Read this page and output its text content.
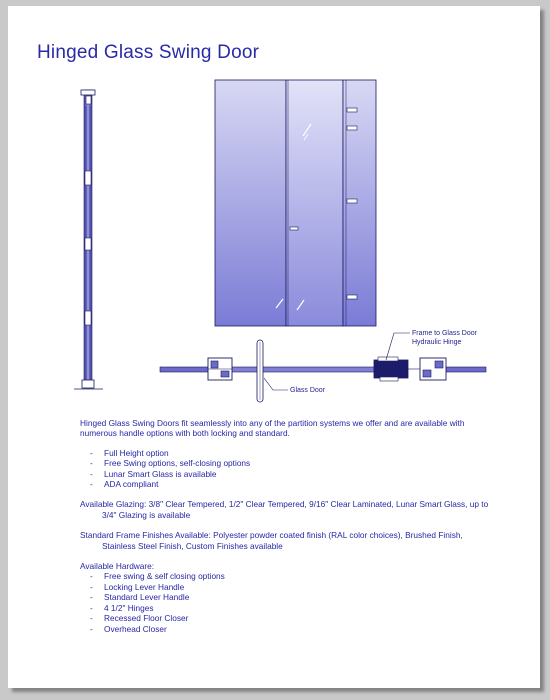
Hinged Glass Swing Door
Frame to Glass Door
Hydraulic Hinge
Glass Door

Hinged Glass Swing Doors fit seamlessly into any of the partition systems we offer and are available with numerous handle options with both locking and standard.

- Full Height option
- Free Swing options, self-closing options
- Lunar Smart Glass is available
- ADA compliant

Available Glazing: 3/8" Clear Tempered, 1/2" Clear Tempered, 9/16" Clear Laminated, Lunar Smart Glass, up to 3/4" Glazing is available

Standard Frame Finishes Available: Polyester powder coated finish (RAL color choices), Brushed Finish, Stainless Steel Finish, Custom Finishes available

Available Hardware:

- Free swing & self closing options
- Locking Lever Handle
- Standard Lever Handle
- 4 1/2" Hinges
- Recessed Floor Closer
- Overhead Closer
